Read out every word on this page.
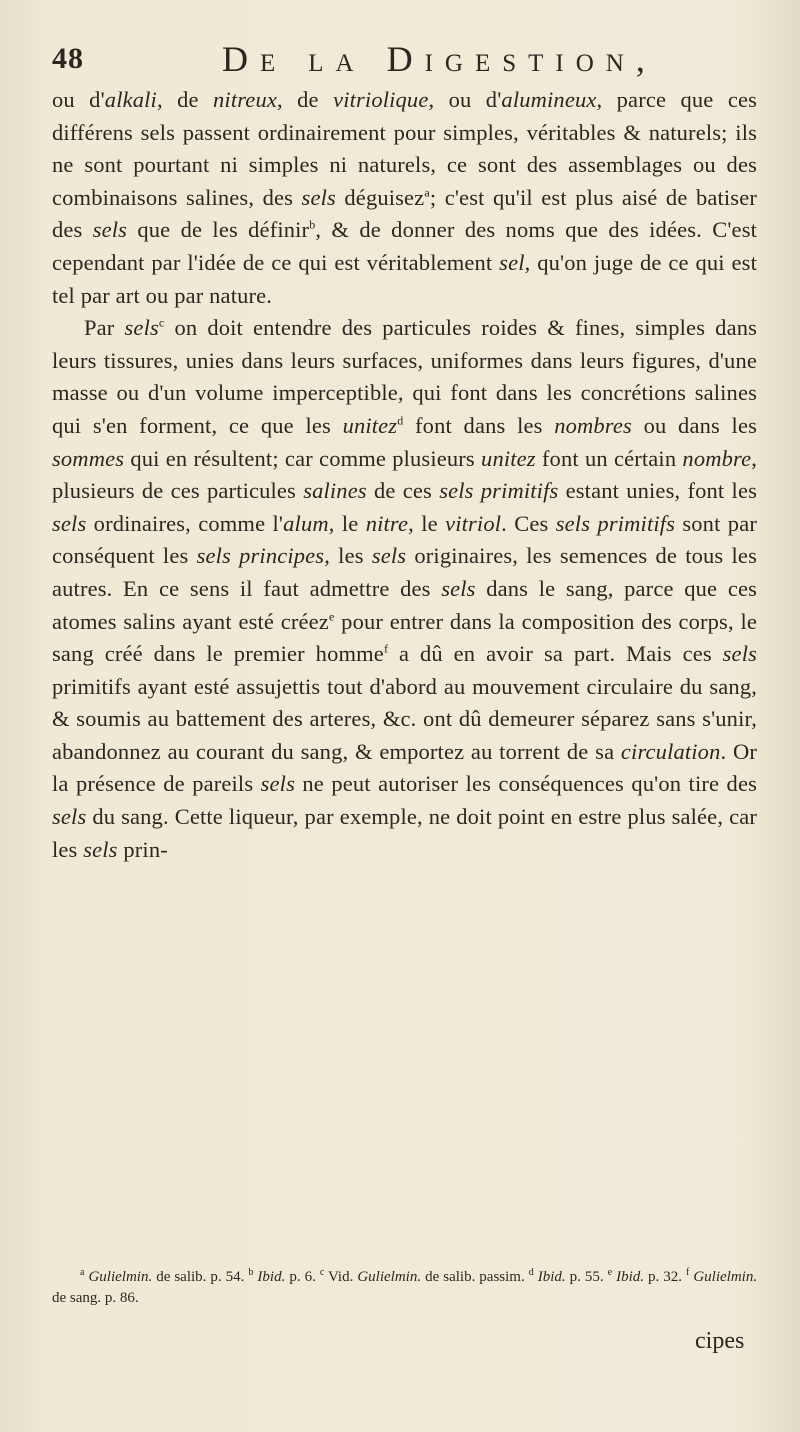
48	De la Digestion,

ou d'alkali, de nitreux, de vitriolique, ou d'alumineux, parce que ces différens sels passent ordinairement pour simples, véritables & naturels; ils ne sont pourtant ni simples ni naturels, ce sont des assemblages ou des combinaisons salines, des sels déguisez$^a$; c'est qu'il est plus aisé de batiser des sels que de les définir$^b$, & de donner des noms que des idées. C'est cependant par l'idée de ce qui est véritablement sel, qu'on juge de ce qui est tel par art ou par nature.

Par sels$^c$ on doit entendre des particules roides & fines, simples dans leurs tissures, unies dans leurs surfaces, uniformes dans leurs figures, d'une masse ou d'un volume imperceptible, qui font dans les concrétions salines qui s'en forment, ce que les unitez$^d$ font dans les nombres ou dans les sommes qui en résultent; car comme plusieurs unitez font un cértain nombre, plusieurs de ces particules salines de ces sels primitifs estant unies, font les sels ordinaires, comme l'alum, le nitre, le vitriol. Ces sels primitifs sont par conséquent les sels principes, les sels originaires, les semences de tous les autres. En ce sens il faut admettre des sels dans le sang, parce que ces atomes salins ayant esté créez$^e$ pour entrer dans la composition des corps, le sang créé dans le premier homme$^f$ a dû en avoir sa part. Mais ces sels primitifs ayant esté assujettis tout d'abord au mouvement circulaire du sang, & soumis au battement des arteres, &c. ont dû demeurer séparez sans s'unir, abandonnez au courant du sang, & emportez au torrent de sa circulation. Or la présence de pareils sels ne peut autoriser les conséquences qu'on tire des sels du sang. Cette liqueur, par exemple, ne doit point en estre plus salée, car les sels prin-

$^a$ Gulielmin. de salib. p. 54. $^b$ Ibid. p. 6. $^c$ Vid. Gulielmin. de salib. passim. $^d$ Ibid. p. 55. $^e$ Ibid. p. 32. $^f$ Gulielmin. de sang. p. 86.

cipes
